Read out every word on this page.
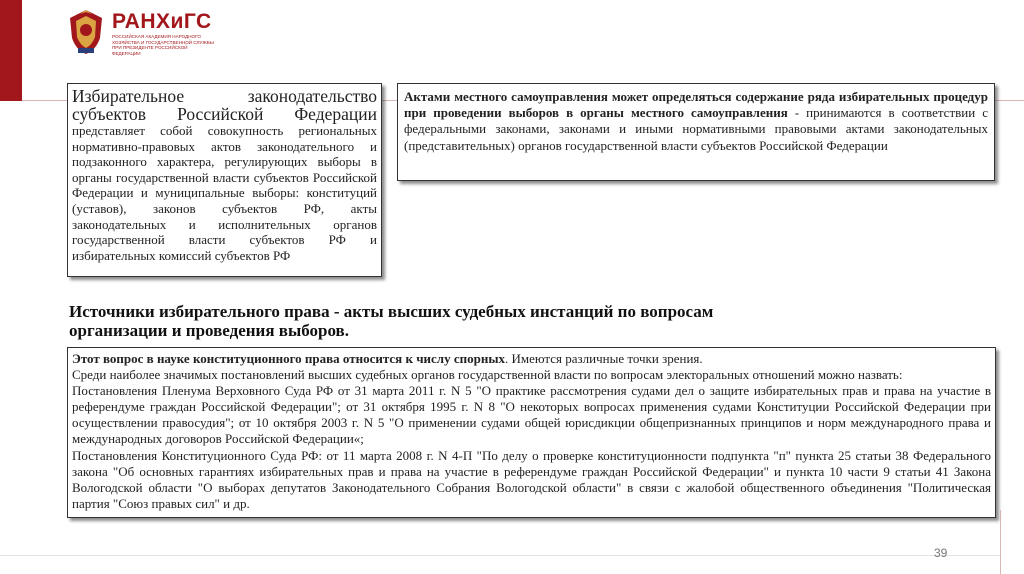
РАНХиГС
РОССИЙСКАЯ АКАДЕМИЯ НАРОДНОГО ХОЗЯЙСТВА И ГОСУДАРСТВЕННОЙ СЛУЖБЫ ПРИ ПРЕЗИДЕНТЕ РОССИЙСКОЙ ФЕДЕРАЦИИ

Избирательное законодательство
субъектов Российской Федерации

представляет собой совокупность региональных нормативно-правовых актов законодательного и подзаконного характера, регулирующих выборы в органы государственной власти субъектов Российской Федерации и муниципальные выборы: конституций (уставов), законов субъектов РФ, акты законодательных и исполнительных органов государственной власти субъектов РФ и избирательных комиссий субъектов РФ

Актами местного самоуправления может определяться содержание ряда избирательных процедур при проведении выборов в органы местного самоуправления - принимаются в соответствии с федеральными законами, законами и иными нормативными правовыми актами законодательных (представительных) органов государственной власти субъектов Российской Федерации

Источники избирательного права - акты высших судебных инстанций по вопросам
организации и проведения выборов.

Этот вопрос в науке конституционного права относится к числу спорных. Имеются различные точки зрения.
Среди наиболее значимых постановлений высших судебных органов государственной власти по вопросам электоральных отношений можно назвать:
Постановления Пленума Верховного Суда РФ от 31 марта 2011 г. N 5 "О практике рассмотрения судами дел о защите избирательных прав и права на участие в референдуме граждан Российской Федерации"; от 31 октября 1995 г. N 8 "О некоторых вопросах применения судами Конституции Российской Федерации при осуществлении правосудия"; от 10 октября 2003 г. N 5 "О применении судами общей юрисдикции общепризнанных принципов и норм международного права и международных договоров Российской Федерации«;
Постановления Конституционного Суда РФ: от 11 марта 2008 г. N 4-П "По делу о проверке конституционности подпункта "п" пункта 25 статьи 38 Федерального закона "Об основных гарантиях избирательных прав и права на участие в референдуме граждан Российской Федерации" и пункта 10 части 9 статьи 41 Закона Вологодской области "О выборах депутатов Законодательного Собрания Вологодской области" в связи с жалобой общественного объединения "Политическая партия "Союз правых сил" и др.

39
